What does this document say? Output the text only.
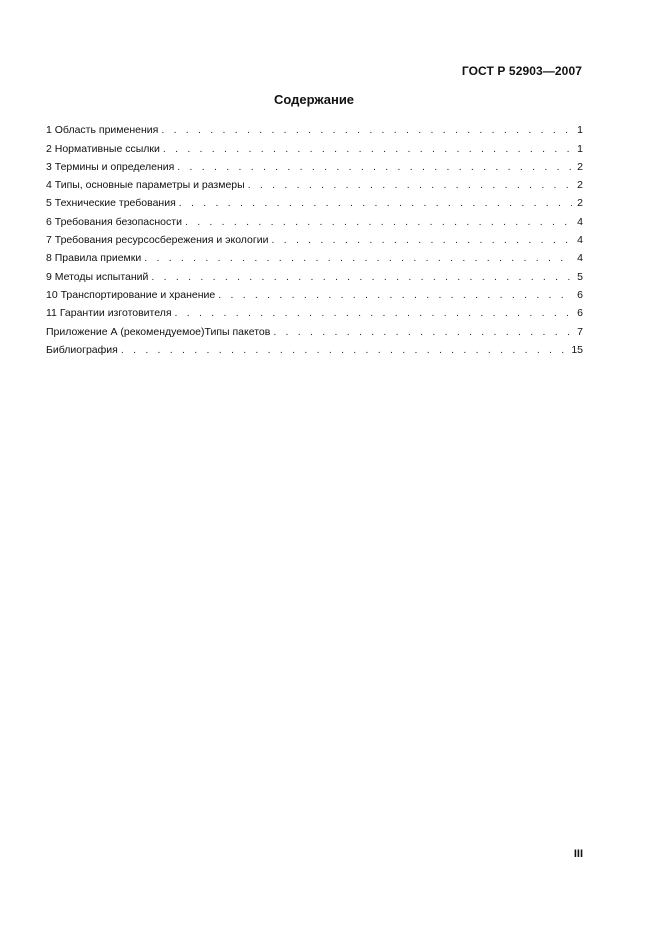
ГОСТ Р 52903—2007
Содержание
1 Область применения . . .	1
2 Нормативные ссылки . . .	1
3 Термины и определения . . .	2
4 Типы, основные параметры и размеры . . .	2
5 Технические требования . . .	2
6 Требования безопасности . . .	4
7 Требования ресурсосбережения и экологии . . .	4
8 Правила приемки . . .	4
9 Методы испытаний . . .	5
10 Транспортирование и хранение . . .	6
11 Гарантии изготовителя . . .	6
Приложение А (рекомендуемое)Типы пакетов . . .	7
Библиография . . .	15
III
